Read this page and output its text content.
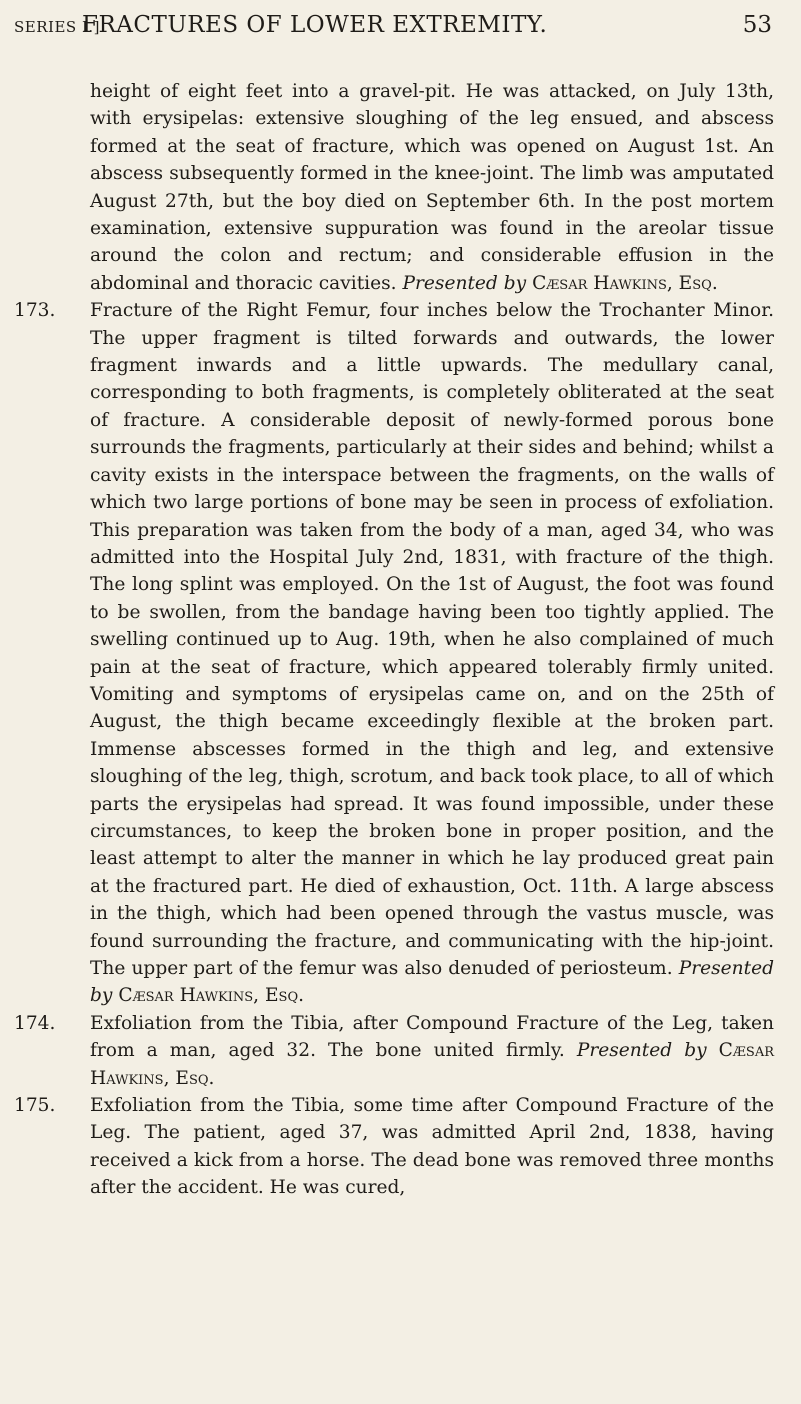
SERIES I.]
FRACTURES OF LOWER EXTREMITY.	53

height of eight feet into a gravel-pit. He was attacked, on July 13th, with erysipelas: extensive sloughing of the leg ensued, and abscess formed at the seat of fracture, which was opened on August 1st. An abscess subsequently formed in the knee-joint. The limb was amputated August 27th, but the boy died on September 6th. In the post mortem examination, extensive suppuration was found in the areolar tissue around the colon and rectum; and considerable effusion in the abdominal and thoracic cavities. Presented by Cæsar Hawkins, Esq.

173. Fracture of the Right Femur, four inches below the Trochanter Minor. The upper fragment is tilted forwards and outwards, the lower fragment inwards and a little upwards. The medullary canal, corresponding to both fragments, is completely obliterated at the seat of fracture. A considerable deposit of newly-formed porous bone surrounds the fragments, particularly at their sides and behind; whilst a cavity exists in the interspace between the fragments, on the walls of which two large portions of bone may be seen in process of exfoliation. This preparation was taken from the body of a man, aged 34, who was admitted into the Hospital July 2nd, 1831, with fracture of the thigh. The long splint was employed. On the 1st of August, the foot was found to be swollen, from the bandage having been too tightly applied. The swelling continued up to Aug. 19th, when he also complained of much pain at the seat of fracture, which appeared tolerably firmly united. Vomiting and symptoms of erysipelas came on, and on the 25th of August, the thigh became exceedingly flexible at the broken part. Immense abscesses formed in the thigh and leg, and extensive sloughing of the leg, thigh, scrotum, and back took place, to all of which parts the erysipelas had spread. It was found impossible, under these circumstances, to keep the broken bone in proper position, and the least attempt to alter the manner in which he lay produced great pain at the fractured part. He died of exhaustion, Oct. 11th. A large abscess in the thigh, which had been opened through the vastus muscle, was found surrounding the fracture, and communicating with the hip-joint. The upper part of the femur was also denuded of periosteum. Presented by Cæsar Hawkins, Esq.

174. Exfoliation from the Tibia, after Compound Fracture of the Leg, taken from a man, aged 32. The bone united firmly. Presented by Cæsar Hawkins, Esq.

175. Exfoliation from the Tibia, some time after Compound Fracture of the Leg. The patient, aged 37, was admitted April 2nd, 1838, having received a kick from a horse. The dead bone was removed three months after the accident. He was cured,
